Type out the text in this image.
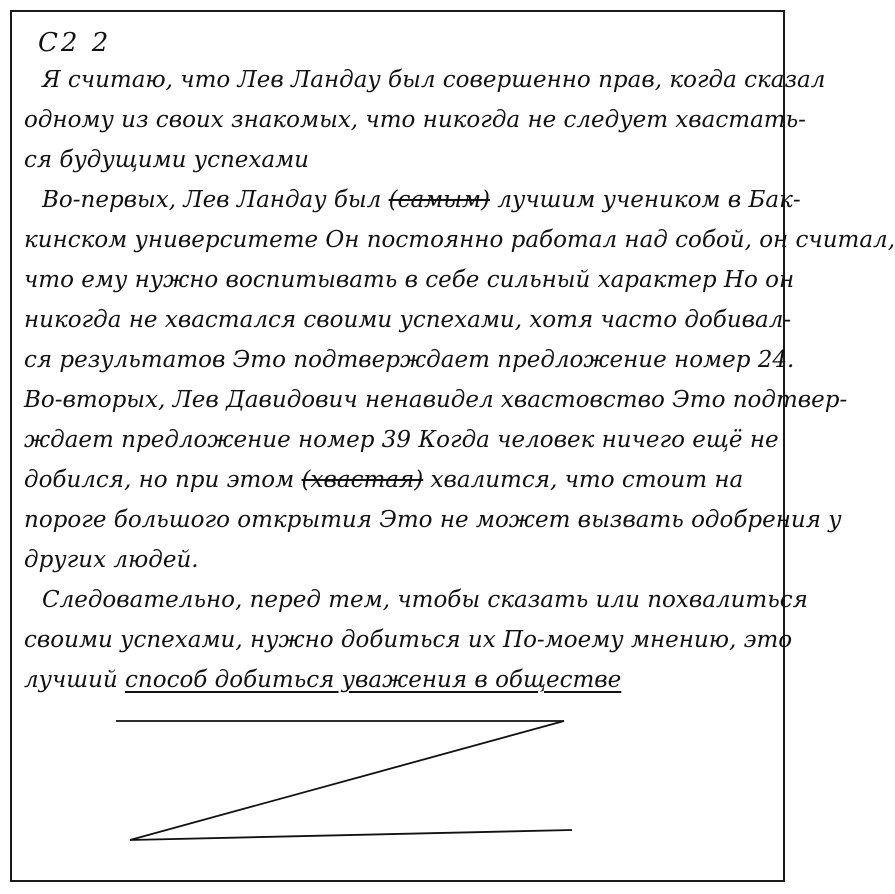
С2 2
Я считаю, что Лев Ландау был совершенно прав, когда сказал
одному из своих знакомых, что никогда не следует хвастать-
ся будущими успехами
Во-первых, Лев Ландау был (самым) лучшим учеником в Бак-
кинском университете Он постоянно работал над собой, он считал,
что ему нужно воспитывать в себе сильный характер Но он
никогда не хвастался своими успехами, хотя часто добивал-
ся результатов Это подтверждает предложение номер 24.
Во-вторых, Лев Давидович ненавидел хвастовство Это подтвер-
ждает предложение номер 39 Когда человек ничего ещё не
добился, но при этом (хвастая) хвалится, что стоит на
пороге большого открытия Это не может вызвать одобрения у
других людей.
Следовательно, перед тем, чтобы сказать или похвалиться
своими успехами, нужно добиться их По-моему мнению, это
лучший способ добиться уважения в обществе
